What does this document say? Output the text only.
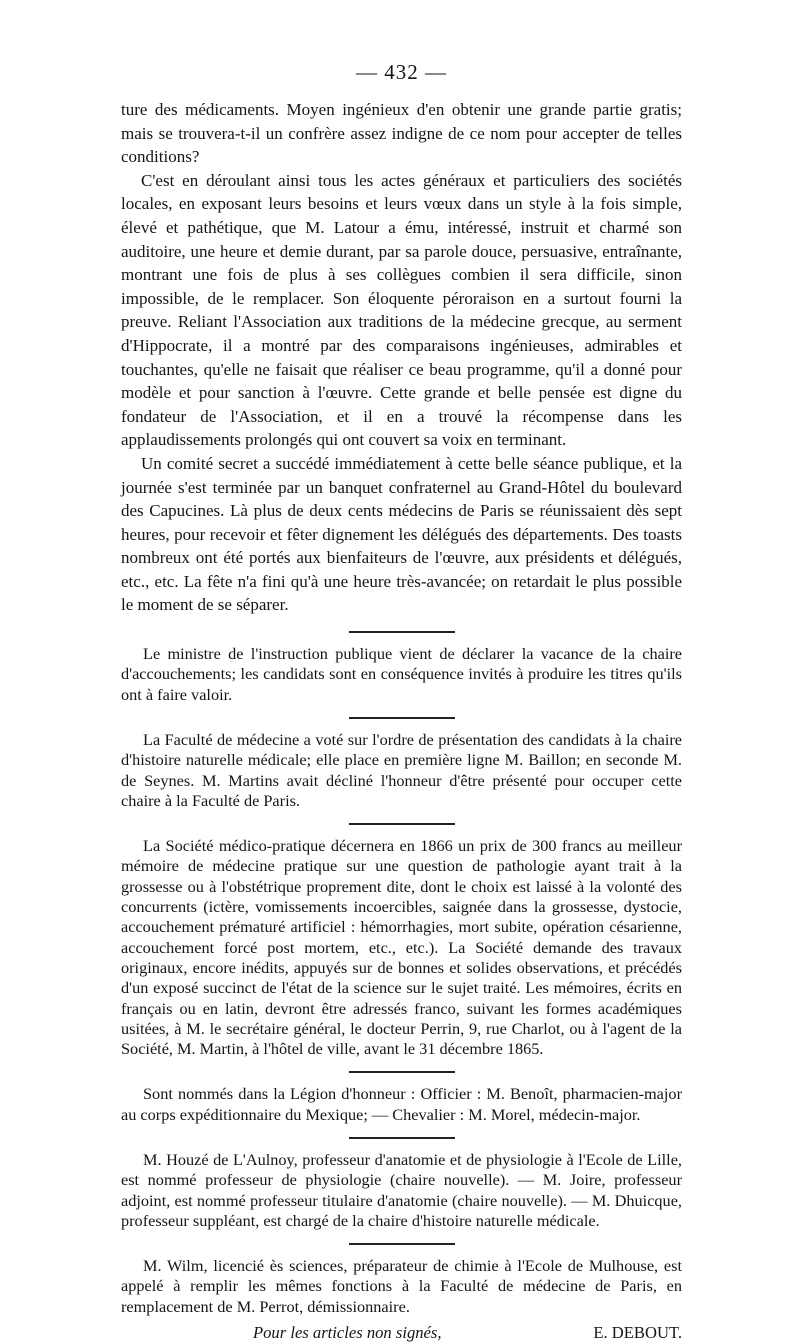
— 432 —

ture des médicaments. Moyen ingénieux d'en obtenir une grande partie gratis; mais se trouvera-t-il un confrère assez indigne de ce nom pour accepter de telles conditions?

C'est en déroulant ainsi tous les actes généraux et particuliers des sociétés locales, en exposant leurs besoins et leurs vœux dans un style à la fois simple, élevé et pathétique, que M. Latour a ému, intéressé, instruit et charmé son auditoire, une heure et demie durant, par sa parole douce, persuasive, entraînante, montrant une fois de plus à ses collègues combien il sera difficile, sinon impossible, de le remplacer. Son éloquente péroraison en a surtout fourni la preuve. Reliant l'Association aux traditions de la médecine grecque, au serment d'Hippocrate, il a montré par des comparaisons ingénieuses, admirables et touchantes, qu'elle ne faisait que réaliser ce beau programme, qu'il a donné pour modèle et pour sanction à l'œuvre. Cette grande et belle pensée est digne du fondateur de l'Association, et il en a trouvé la récompense dans les applaudissements prolongés qui ont couvert sa voix en terminant.

Un comité secret a succédé immédiatement à cette belle séance publique, et la journée s'est terminée par un banquet confraternel au Grand-Hôtel du boulevard des Capucines. Là plus de deux cents médecins de Paris se réunissaient dès sept heures, pour recevoir et fêter dignement les délégués des départements. Des toasts nombreux ont été portés aux bienfaiteurs de l'œuvre, aux présidents et délégués, etc., etc. La fête n'a fini qu'à une heure très-avancée; on retardait le plus possible le moment de se séparer.

Le ministre de l'instruction publique vient de déclarer la vacance de la chaire d'accouchements; les candidats sont en conséquence invités à produire les titres qu'ils ont à faire valoir.

La Faculté de médecine a voté sur l'ordre de présentation des candidats à la chaire d'histoire naturelle médicale; elle place en première ligne M. Baillon; en seconde M. de Seynes. M. Martins avait décliné l'honneur d'être présenté pour occuper cette chaire à la Faculté de Paris.

La Société médico-pratique décernera en 1866 un prix de 300 francs au meilleur mémoire de médecine pratique sur une question de pathologie ayant trait à la grossesse ou à l'obstétrique proprement dite, dont le choix est laissé à la volonté des concurrents (ictère, vomissements incoercibles, saignée dans la grossesse, dystocie, accouchement prématuré artificiel : hémorrhagies, mort subite, opération césarienne, accouchement forcé post mortem, etc., etc.). La Société demande des travaux originaux, encore inédits, appuyés sur de bonnes et solides observations, et précédés d'un exposé succinct de l'état de la science sur le sujet traité. Les mémoires, écrits en français ou en latin, devront être adressés franco, suivant les formes académiques usitées, à M. le secrétaire général, le docteur Perrin, 9, rue Charlot, ou à l'agent de la Société, M. Martin, à l'hôtel de ville, avant le 31 décembre 1865.

Sont nommés dans la Légion d'honneur : Officier : M. Benoît, pharmacien-major au corps expéditionnaire du Mexique; — Chevalier : M. Morel, médecin-major.

M. Houzé de L'Aulnoy, professeur d'anatomie et de physiologie à l'Ecole de Lille, est nommé professeur de physiologie (chaire nouvelle). — M. Joire, professeur adjoint, est nommé professeur titulaire d'anatomie (chaire nouvelle). — M. Dhuicque, professeur suppléant, est chargé de la chaire d'histoire naturelle médicale.

M. Wilm, licencié ès sciences, préparateur de chimie à l'Ecole de Mulhouse, est appelé à remplir les mêmes fonctions à la Faculté de médecine de Paris, en remplacement de M. Perrot, démissionnaire.

Pour les articles non signés,	E. DEBOUT.
